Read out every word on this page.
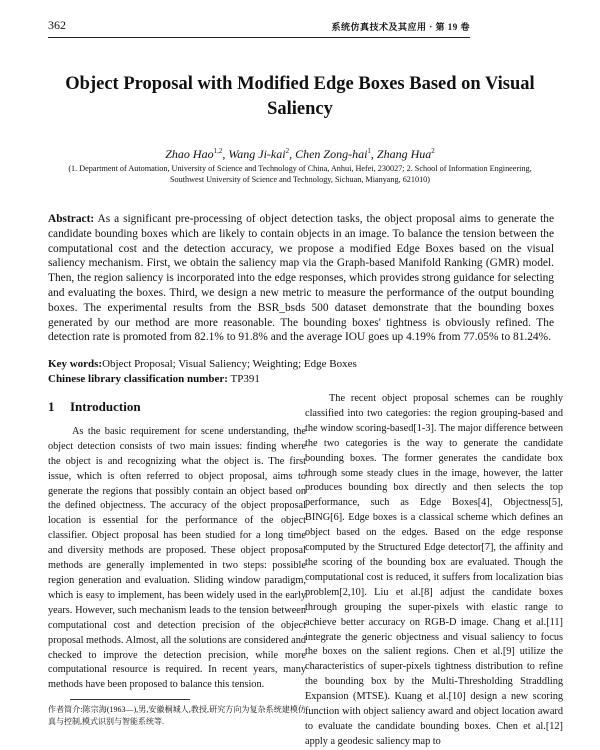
362	系统仿真技术及其应用 · 第 19 卷
Object Proposal with Modified Edge Boxes Based on Visual Saliency
Zhao Hao$^{1,2}$, Wang Ji-kai$^2$, Chen Zong-hai$^1$, Zhang Hua$^2$
(1. Department of Automation, University of Science and Technology of China, Anhui, Hefei, 230027; 2. School of Information Engineering,
Southwest University of Science and Technology, Sichuan, Mianyang, 621010)
Abstract: As a significant pre-processing of object detection tasks, the object proposal aims to generate the candidate bounding boxes which are likely to contain objects in an image. To balance the tension between the computational cost and the detection accuracy, we propose a modified Edge Boxes based on the visual saliency mechanism. First, we obtain the saliency map via the Graph-based Manifold Ranking (GMR) model. Then, the region saliency is incorporated into the edge responses, which provides strong guidance for selecting and evaluating the boxes. Third, we design a new metric to measure the performance of the output bounding boxes. The experimental results from the BSR_bsds 500 dataset demonstrate that the bounding boxes generated by our method are more reasonable. The bounding boxes' tightness is obviously refined. The detection rate is promoted from 82.1% to 91.8% and the average IOU goes up 4.19% from 77.05% to 81.24%.
Key words:Object Proposal; Visual Saliency; Weighting; Edge Boxes
Chinese library classification number: TP391
1 Introduction

As the basic requirement for scene understanding, the object detection consists of two main issues: finding where the object is and recognizing what the object is. The first issue, which is often referred to object proposal, aims to generate the regions that possibly contain an object based on the defined objectness. The accuracy of the object proposal location is essential for the performance of the object classifier. Object proposal has been studied for a long time and diversity methods are proposed. These object proposal methods are generally implemented in two steps: possible region generation and evaluation. Sliding window paradigm, which is easy to implement, has been widely used in the early years. However, such mechanism leads to the tension between computational cost and detection precision of the object proposal methods. Almost, all the solutions are considered and checked to improve the detection precision, while more computational resource is required. In recent years, many methods have been proposed to balance this tension.

作者简介:陈宗海(1963—),男,安徽桐城人,教授,研究方向为复杂系统建模仿真与控制,模式识别与智能系统等.

The recent object proposal schemes can be roughly classified into two categories: the region grouping-based and the window scoring-based[1-3]. The major difference between the two categories is the way to generate the candidate bounding boxes. The former generates the candidate box through some steady clues in the image, however, the latter produces bounding box directly and then selects the top performance, such as Edge Boxes[4], Objectness[5], BING[6]. Edge boxes is a classical scheme which defines an object based on the edges. Based on the edge response computed by the Structured Edge detector[7], the affinity and the scoring of the bounding box are evaluated. Though the computational cost is reduced, it suffers from localization bias problem[2,10]. Liu et al.[8] adjust the candidate boxes through grouping the super-pixels with elastic range to achieve better accuracy on RGB-D image. Chang et al.[11] integrate the generic objectness and visual saliency to focus the boxes on the salient regions. Chen et al.[9] utilize the characteristics of super-pixels tightness distribution to refine the bounding box by the Multi-Thresholding Straddling Expansion (MTSE). Kuang et al.[10] design a new scoring function with object saliency award and object location award to evaluate the candidate bounding boxes. Chen et al.[12] apply a geodesic saliency map to
